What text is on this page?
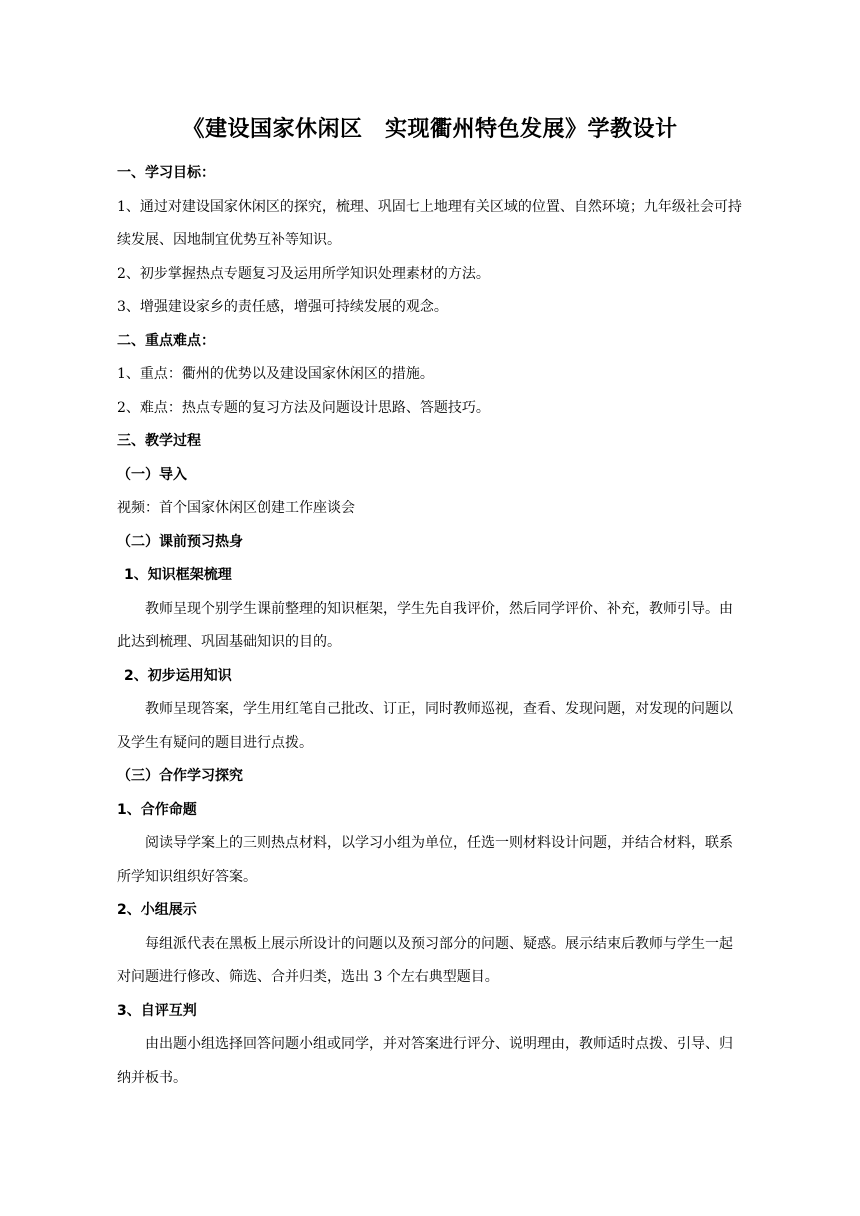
《建设国家休闲区　实现衢州特色发展》学教设计
一、学习目标：
1、通过对建设国家休闲区的探究，梳理、巩固七上地理有关区域的位置、自然环境；九年级社会可持续发展、因地制宜优势互补等知识。
2、初步掌握热点专题复习及运用所学知识处理素材的方法。
3、增强建设家乡的责任感，增强可持续发展的观念。
二、重点难点：
1、重点：衢州的优势以及建设国家休闲区的措施。
2、难点：热点专题的复习方法及问题设计思路、答题技巧。
三、教学过程
（一）导入
视频：首个国家休闲区创建工作座谈会
（二）课前预习热身
1、知识框架梳理
教师呈现个别学生课前整理的知识框架，学生先自我评价，然后同学评价、补充，教师引导。由此达到梳理、巩固基础知识的目的。
2、初步运用知识
教师呈现答案，学生用红笔自己批改、订正，同时教师巡视，查看、发现问题，对发现的问题以及学生有疑问的题目进行点拨。
（三）合作学习探究
1、合作命题
阅读导学案上的三则热点材料，以学习小组为单位，任选一则材料设计问题，并结合材料，联系所学知识组织好答案。
2、小组展示
每组派代表在黑板上展示所设计的问题以及预习部分的问题、疑惑。展示结束后教师与学生一起对问题进行修改、筛选、合并归类，选出 3 个左右典型题目。
3、自评互判
由出题小组选择回答问题小组或同学，并对答案进行评分、说明理由，教师适时点拨、引导、归纳并板书。
